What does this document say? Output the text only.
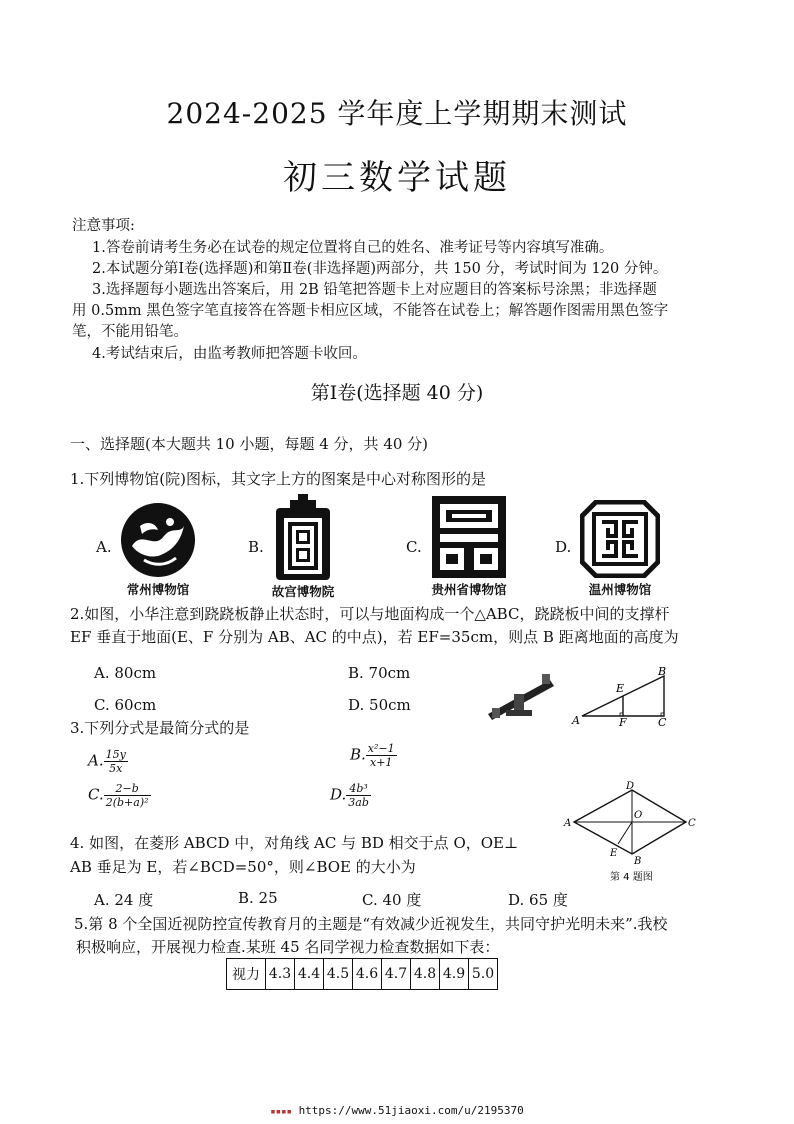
2024-2025 学年度上学期期末测试
初三数学试题
注意事项:
1.答卷前请考生务必在试卷的规定位置将自己的姓名、准考证号等内容填写准确。
2.本试题分第Ⅰ卷(选择题)和第Ⅱ卷(非选择题)两部分，共 150 分，考试时间为 120 分钟。
3.选择题每小题选出答案后，用 2B 铅笔把答题卡上对应题目的答案标号涂黑；非选择题
用 0.5mm 黑色签字笔直接答在答题卡相应区域，不能答在试卷上；解答题作图需用黑色签字
笔，不能用铅笔。
4.考试结束后，由监考教师把答题卡收回。
第Ⅰ卷(选择题 40 分)
一、选择题(本大题共 10 小题，每题 4 分，共 40 分)
1.下列博物馆(院)图标，其文字上方的图案是中心对称图形的是
A.
常州博物馆
B.
故宫博物院
C.
贵州省博物馆
D.
温州博物馆
2.如图，小华注意到跷跷板静止状态时，可以与地面构成一个△ABC，跷跷板中间的支撑杆
EF 垂直于地面(E、F 分别为 AB、AC 的中点)，若 EF=35cm，则点 B 距离地面的高度为
A. 80cm	B. 70cm
C. 60cm	D. 50cm
A
B
C
E
F
3.下列分式是最简分式的是
A. $\frac{15y}{5x}$	B. $\frac{\text{x²−1}}{x+1}$
C. $\frac{2-b}{\text{2(b+a)²}}$	D. $\frac{\text{4b³}}{3ab}$
A
D
C
B
O
E
第 4 题图
4. 如图，在菱形 ABCD 中，对角线 AC 与 BD 相交于点 O，OE⊥
AB 垂足为 E，若∠BCD=50°，则∠BOE 的大小为
A. 24 度	B. 25	C. 40 度	D. 65 度
5.第 8 个全国近视防控宣传教育月的主题是“有效减少近视发生，共同守护光明未来”.我校
积极响应，开展视力检查.某班 45 名同学视力检查数据如下表：
视力	4.3	4.4	4.5	4.6	4.7	4.8	4.9	5.0
▪▪▪▪ https://www.51jiaoxi.com/u/2195370
